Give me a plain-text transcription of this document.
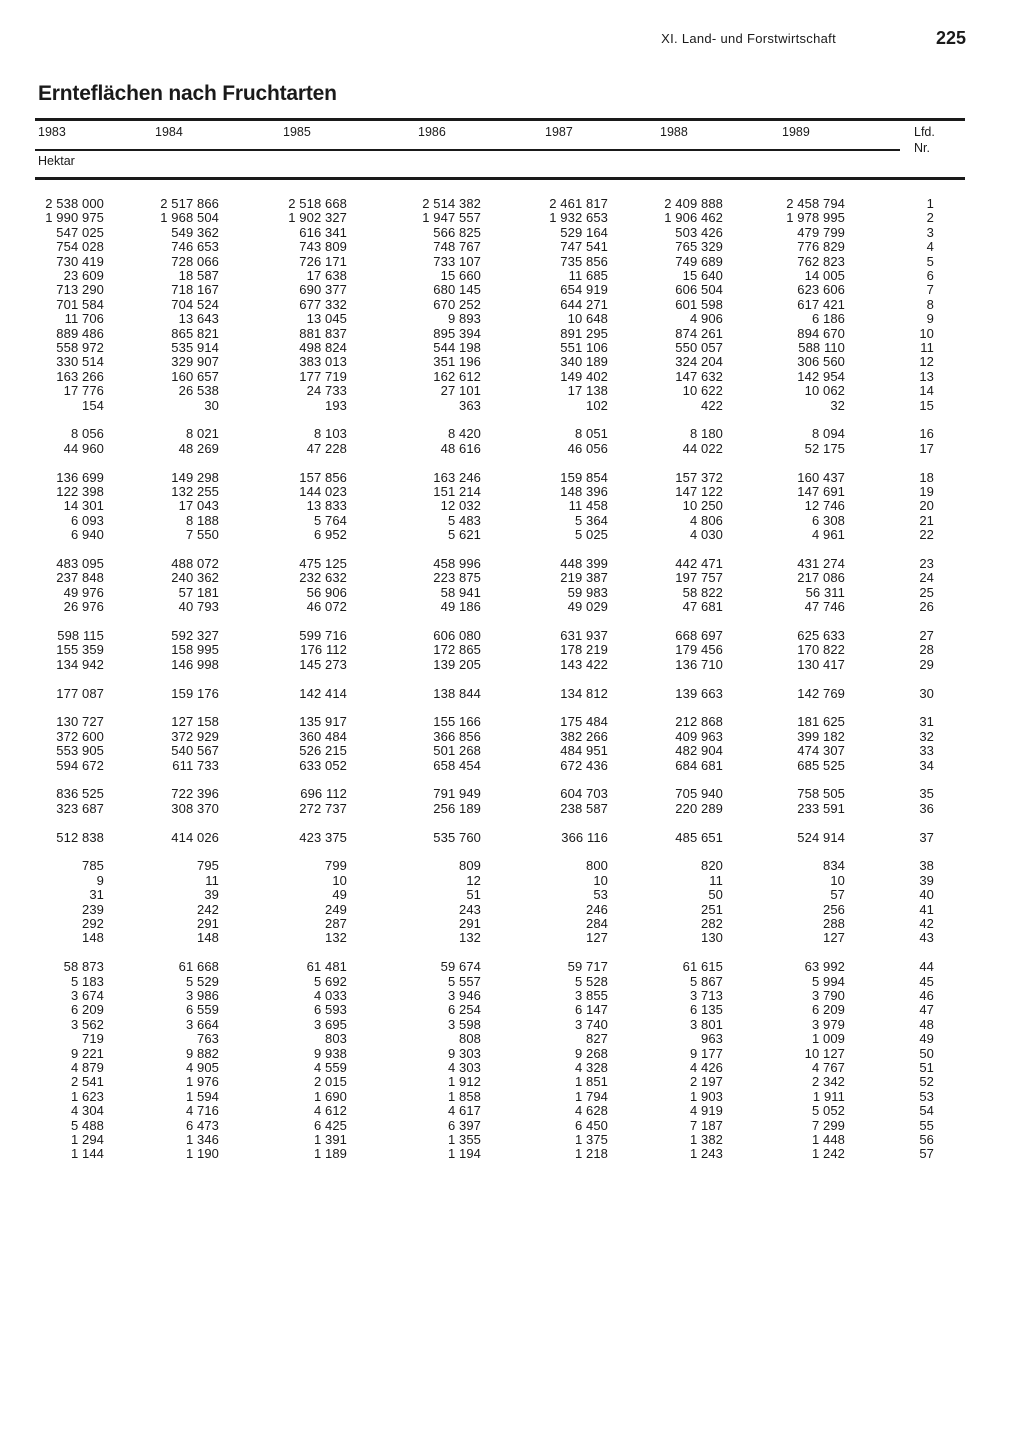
XI. Land- und Forstwirtschaft	225
Ernteflächen nach Fruchtarten
1983	1984	1985	1986	1987	1988	1989	Lfd.
Nr.
Hektar
2 538 000	2 517 866	2 518 668	2 514 382	2 461 817	2 409 888	2 458 794	1
1 990 975	1 968 504	1 902 327	1 947 557	1 932 653	1 906 462	1 978 995	2
547 025	549 362	616 341	566 825	529 164	503 426	479 799	3
754 028	746 653	743 809	748 767	747 541	765 329	776 829	4
730 419	728 066	726 171	733 107	735 856	749 689	762 823	5
23 609	18 587	17 638	15 660	11 685	15 640	14 005	6
713 290	718 167	690 377	680 145	654 919	606 504	623 606	7
701 584	704 524	677 332	670 252	644 271	601 598	617 421	8
11 706	13 643	13 045	9 893	10 648	4 906	6 186	9
889 486	865 821	881 837	895 394	891 295	874 261	894 670	10
558 972	535 914	498 824	544 198	551 106	550 057	588 110	11
330 514	329 907	383 013	351 196	340 189	324 204	306 560	12
163 266	160 657	177 719	162 612	149 402	147 632	142 954	13
17 776	26 538	24 733	27 101	17 138	10 622	10 062	14
154	30	193	363	102	422	32	15
8 056	8 021	8 103	8 420	8 051	8 180	8 094	16
44 960	48 269	47 228	48 616	46 056	44 022	52 175	17
136 699	149 298	157 856	163 246	159 854	157 372	160 437	18
122 398	132 255	144 023	151 214	148 396	147 122	147 691	19
14 301	17 043	13 833	12 032	11 458	10 250	12 746	20
6 093	8 188	5 764	5 483	5 364	4 806	6 308	21
6 940	7 550	6 952	5 621	5 025	4 030	4 961	22
483 095	488 072	475 125	458 996	448 399	442 471	431 274	23
237 848	240 362	232 632	223 875	219 387	197 757	217 086	24
49 976	57 181	56 906	58 941	59 983	58 822	56 311	25
26 976	40 793	46 072	49 186	49 029	47 681	47 746	26
598 115	592 327	599 716	606 080	631 937	668 697	625 633	27
155 359	158 995	176 112	172 865	178 219	179 456	170 822	28
134 942	146 998	145 273	139 205	143 422	136 710	130 417	29
177 087	159 176	142 414	138 844	134 812	139 663	142 769	30
130 727	127 158	135 917	155 166	175 484	212 868	181 625	31
372 600	372 929	360 484	366 856	382 266	409 963	399 182	32
553 905	540 567	526 215	501 268	484 951	482 904	474 307	33
594 672	611 733	633 052	658 454	672 436	684 681	685 525	34
836 525	722 396	696 112	791 949	604 703	705 940	758 505	35
323 687	308 370	272 737	256 189	238 587	220 289	233 591	36
512 838	414 026	423 375	535 760	366 116	485 651	524 914	37
785	795	799	809	800	820	834	38
9	11	10	12	10	11	10	39
31	39	49	51	53	50	57	40
239	242	249	243	246	251	256	41
292	291	287	291	284	282	288	42
148	148	132	132	127	130	127	43
58 873	61 668	61 481	59 674	59 717	61 615	63 992	44
5 183	5 529	5 692	5 557	5 528	5 867	5 994	45
3 674	3 986	4 033	3 946	3 855	3 713	3 790	46
6 209	6 559	6 593	6 254	6 147	6 135	6 209	47
3 562	3 664	3 695	3 598	3 740	3 801	3 979	48
719	763	803	808	827	963	1 009	49
9 221	9 882	9 938	9 303	9 268	9 177	10 127	50
4 879	4 905	4 559	4 303	4 328	4 426	4 767	51
2 541	1 976	2 015	1 912	1 851	2 197	2 342	52
1 623	1 594	1 690	1 858	1 794	1 903	1 911	53
4 304	4 716	4 612	4 617	4 628	4 919	5 052	54
5 488	6 473	6 425	6 397	6 450	7 187	7 299	55
1 294	1 346	1 391	1 355	1 375	1 382	1 448	56
1 144	1 190	1 189	1 194	1 218	1 243	1 242	57
